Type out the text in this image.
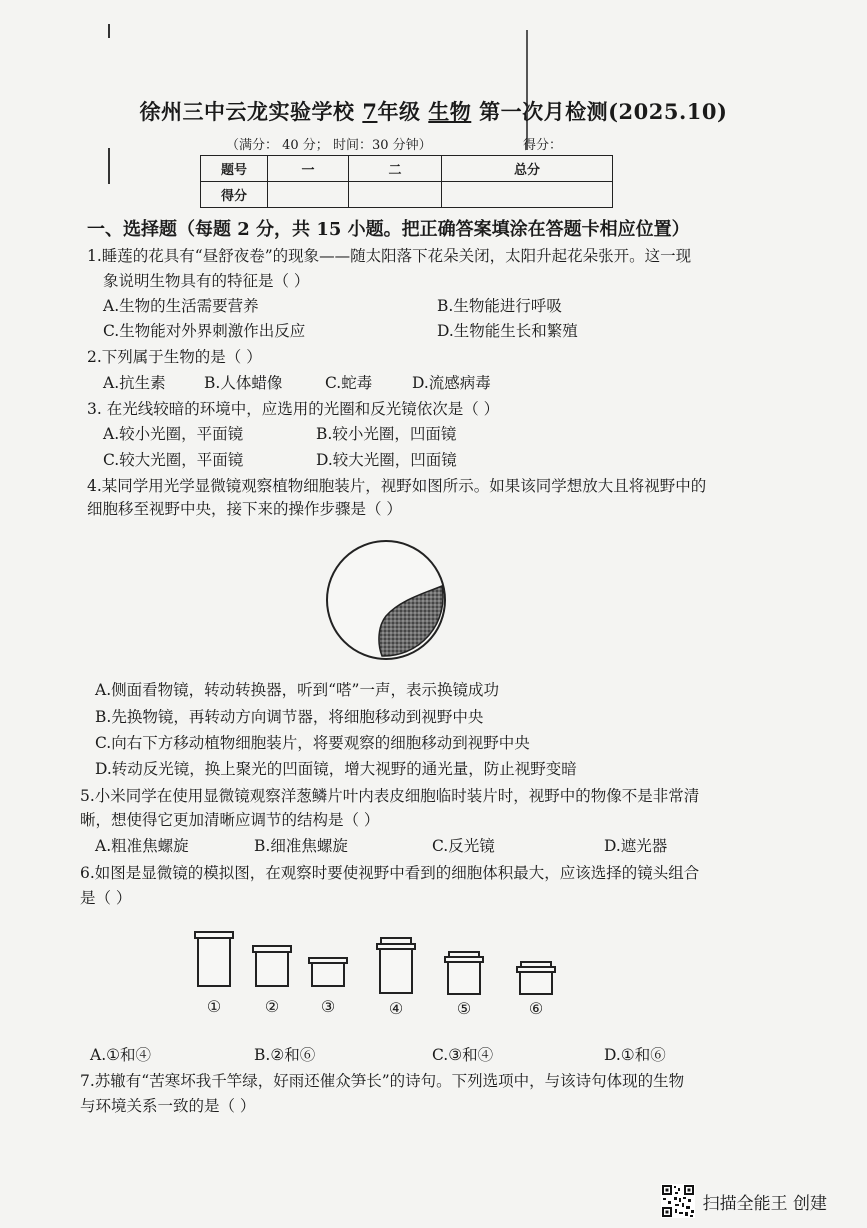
徐州三中云龙实验学校 7年级 生物 第一次月检测(2025.10)
（满分： 40 分； 时间：30 分钟）	得分：
题号	一	二	总分
得分			
一、选择题（每题 2 分，共 15 小题。把正确答案填涂在答题卡相应位置）
1.睡莲的花具有“昼舒夜卷”的现象——随太阳落下花朵关闭，太阳升起花朵张开。这一现
象说明生物具有的特征是（ ）
A.生物的生活需要营养	B.生物能进行呼吸
C.生物能对外界刺激作出反应	D.生物能生长和繁殖
2.下列属于生物的是（ ）
A.抗生素 B.人体蜡像	C.蛇毒	D.流感病毒
3. 在光线较暗的环境中，应选用的光圈和反光镜依次是（ ）
A.较小光圈，平面镜	B.较小光圈，凹面镜
C.较大光圈，平面镜	D.较大光圈，凹面镜
4.某同学用光学显微镜观察植物细胞装片，视野如图所示。如果该同学想放大且将视野中的
细胞移至视野中央，接下来的操作步骤是（ ）
A.侧面看物镜，转动转换器，听到“嗒”一声，表示换镜成功
B.先换物镜，再转动方向调节器，将细胞移动到视野中央
C.向右下方移动植物细胞装片，将要观察的细胞移动到视野中央
D.转动反光镜，换上聚光的凹面镜，增大视野的通光量，防止视野变暗
5.小米同学在使用显微镜观察洋葱鳞片叶内表皮细胞临时装片时，视野中的物像不是非常清
晰，想使得它更加清晰应调节的结构是（ ）
A.粗准焦螺旋	B.细准焦螺旋	C.反光镜	D.遮光器
6.如图是显微镜的模拟图，在观察时要使视野中看到的细胞体积最大，应该选择的镜头组合
是（ ）
①	②	③	④	⑤	⑥
A.①和④	B.②和⑥	C.③和④	D.①和⑥
7.苏辙有“苦寒坏我千竿绿，好雨还催众笋长”的诗句。下列选项中，与该诗句体现的生物
与环境关系一致的是（ ）
扫描全能王 创建
